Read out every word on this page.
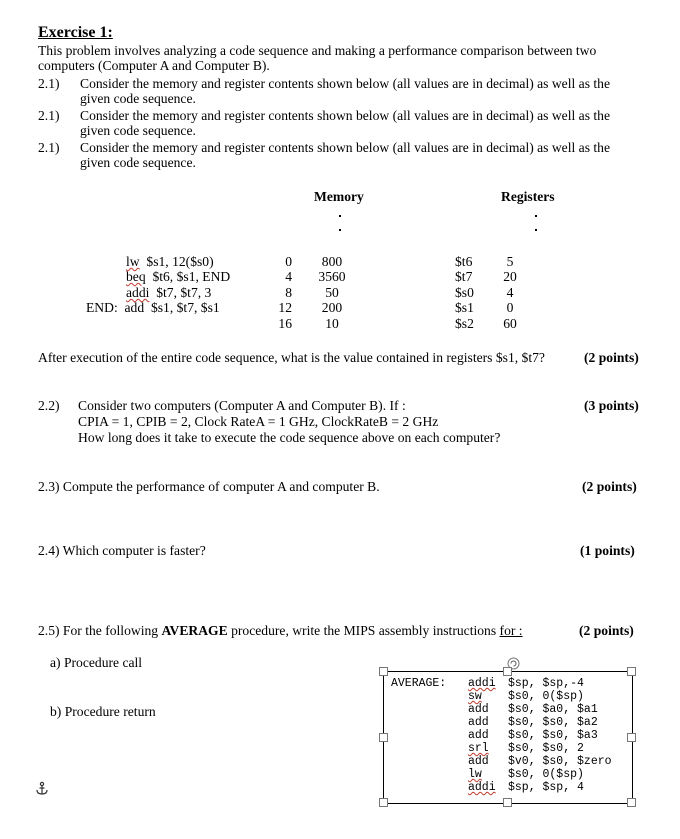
Exercise 1:
This problem involves analyzing a code sequence and making a performance comparison between two
computers (Computer A and Computer B).
2.1) Consider the memory and register contents shown below (all values are in decimal) as well as the
given code sequence.
2.1) Consider the memory and register contents shown below (all values are in decimal) as well as the
given code sequence.
2.1) Consider the memory and register contents shown below (all values are in decimal) as well as the
given code sequence.
Memory	Registers
lw $s1, 12($s0)
beq $t6, $s1, END
addi $t7, $t7, 3
END: add $s1, $t7, $s1
0	800
4	3560
8	50
12	200
16	10
$t6	5
$t7	20
$s0	4
$s1	0
$s2	60
After execution of the entire code sequence, what is the value contained in registers $s1, $t7?	(2 points)
2.2) Consider two computers (Computer A and Computer B). If :
CPIA = 1, CPIB = 2, Clock RateA = 1 GHz, ClockRateB = 2 GHz
How long does it take to execute the code sequence above on each computer?
(3 points)
2.3) Compute the performance of computer A and computer B.	(2 points)
2.4) Which computer is faster?	(1 points)
2.5) For the following AVERAGE procedure, write the MIPS assembly instructions for :	(2 points)
a) Procedure call
b) Procedure return
AVERAGE: addi $sp, $sp,-4
sw $s0, 0($sp)
add $s0, $a0, $a1
add $s0, $s0, $a2
add $s0, $s0, $a3
srl $s0, $s0, 2
add $v0, $s0, $zero
lw $s0, 0($sp)
addi $sp, $sp, 4
